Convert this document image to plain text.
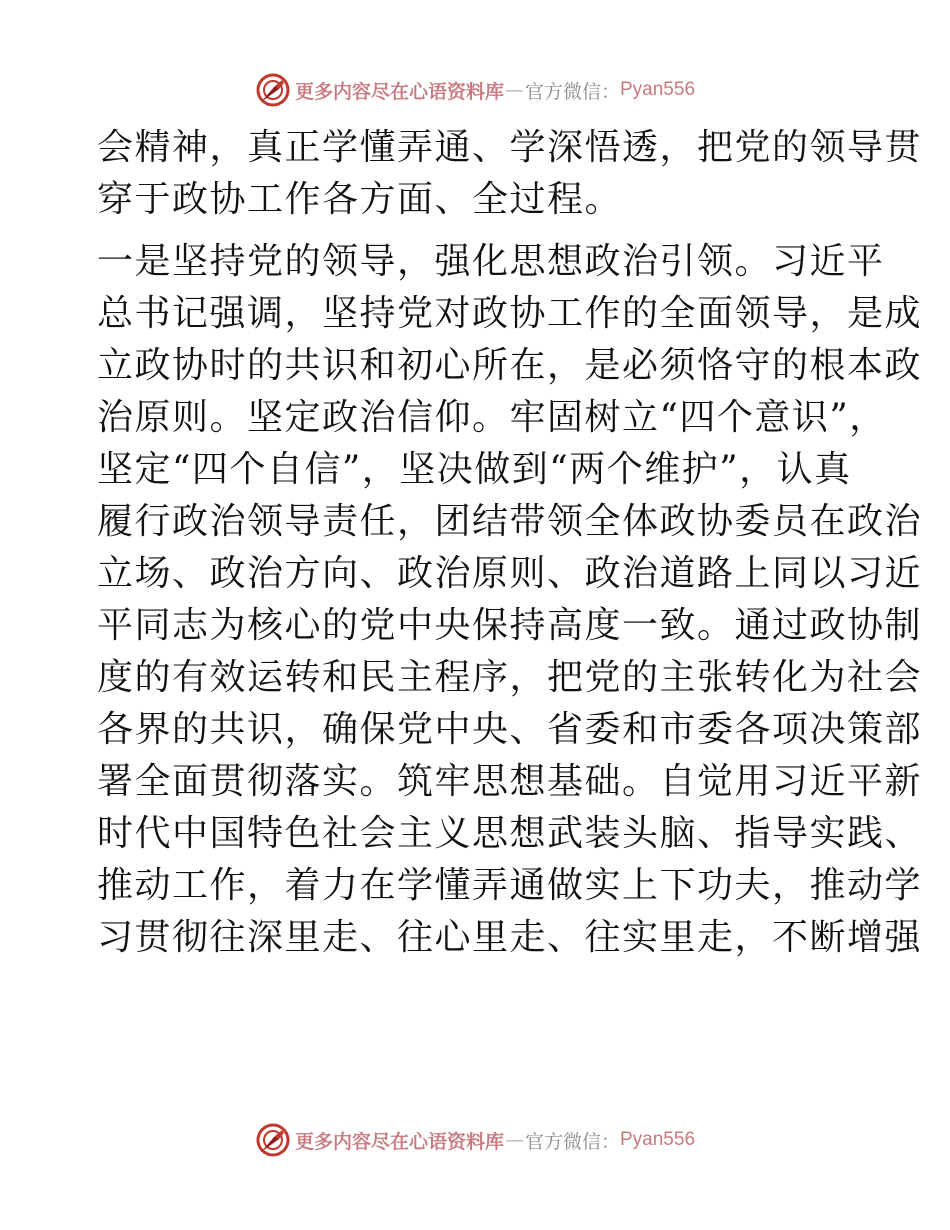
更多内容尽在心语资料库 — 官方微信： Pyan556
会精神，真正学懂弄通、学深悟透，把党的领导贯
穿于政协工作各方面、全过程。
一是坚持党的领导，强化思想政治引领。习近平
总书记强调，坚持党对政协工作的全面领导，是成
立政协时的共识和初心所在，是必须恪守的根本政
治原则。坚定政治信仰。牢固树立“四个意识”，
坚定“四个自信”，坚决做到“两个维护”，认真
履行政治领导责任，团结带领全体政协委员在政治
立场、政治方向、政治原则、政治道路上同以习近
平同志为核心的党中央保持高度一致。通过政协制
度的有效运转和民主程序，把党的主张转化为社会
各界的共识，确保党中央、省委和市委各项决策部
署全面贯彻落实。筑牢思想基础。自觉用习近平新
时代中国特色社会主义思想武装头脑、指导实践、
推动工作，着力在学懂弄通做实上下功夫，推动学
习贯彻往深里走、往心里走、往实里走，不断增强
更多内容尽在心语资料库 — 官方微信： Pyan556
